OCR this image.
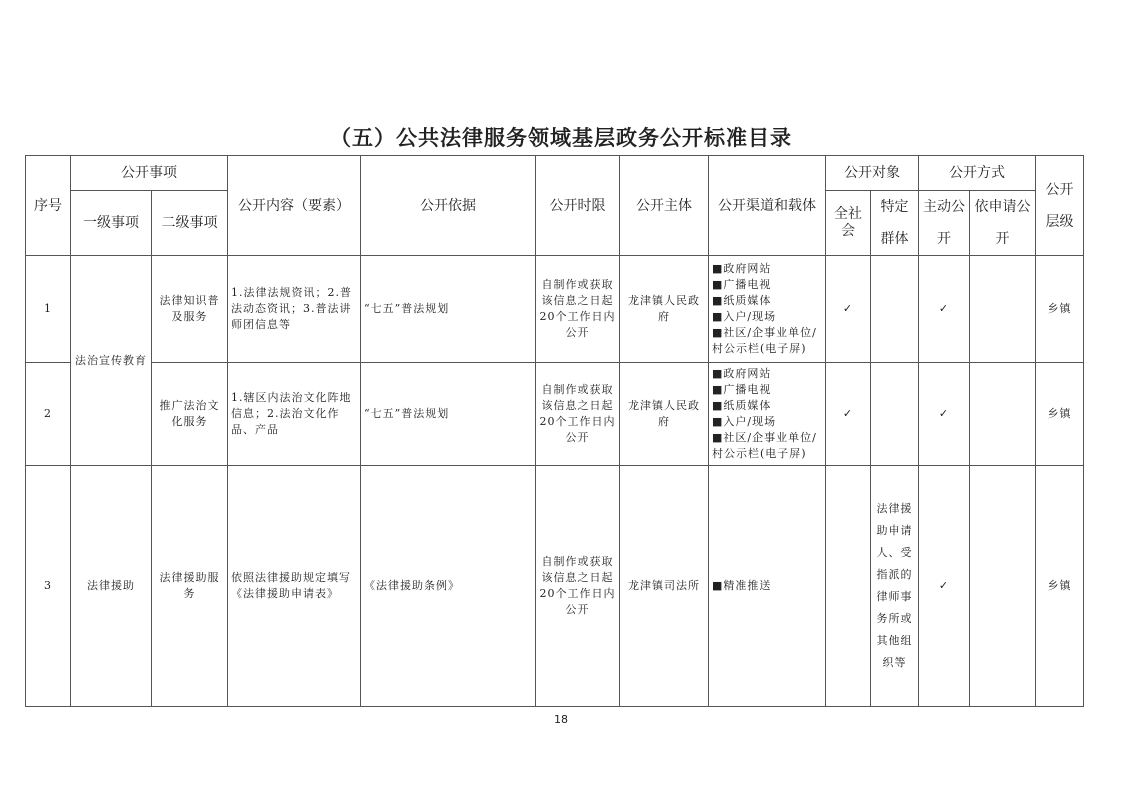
（五）公共法律服务领域基层政务公开标准目录
序号	公开事项		公开内容（要素）	公开依据	公开时限	公开主体	公开渠道和载体	公开对象		公开方式		公开层级
	一级事项	二级事项						全社会	特定群体	主动公开	依申请公开	
1	法治宣传教育	法律知识普及服务	1.法律法规资讯；2.普法动态资讯；3.普法讲师团信息等	“七五”普法规划	自制作或获取该信息之日起20个工作日内公开	龙津镇人民政府	■政府网站
■广播电视
■纸质媒体
■入户/现场
■社区/企事业单位/村公示栏(电子屏)	✓		✓		乡镇
2		推广法治文化服务	1.辖区内法治文化阵地信息；2.法治文化作品、产品	“七五”普法规划	自制作或获取该信息之日起20个工作日内公开	龙津镇人民政府	■政府网站
■广播电视
■纸质媒体
■入户/现场
■社区/企事业单位/村公示栏(电子屏)	✓		✓		乡镇
3	法律援助	法律援助服务	依照法律援助规定填写《法律援助申请表》	《法律援助条例》	自制作或获取该信息之日起20个工作日内公开	龙津镇司法所	■精准推送		法律援助申请人、受指派的律师事务所或其他组织等	✓		乡镇
18
